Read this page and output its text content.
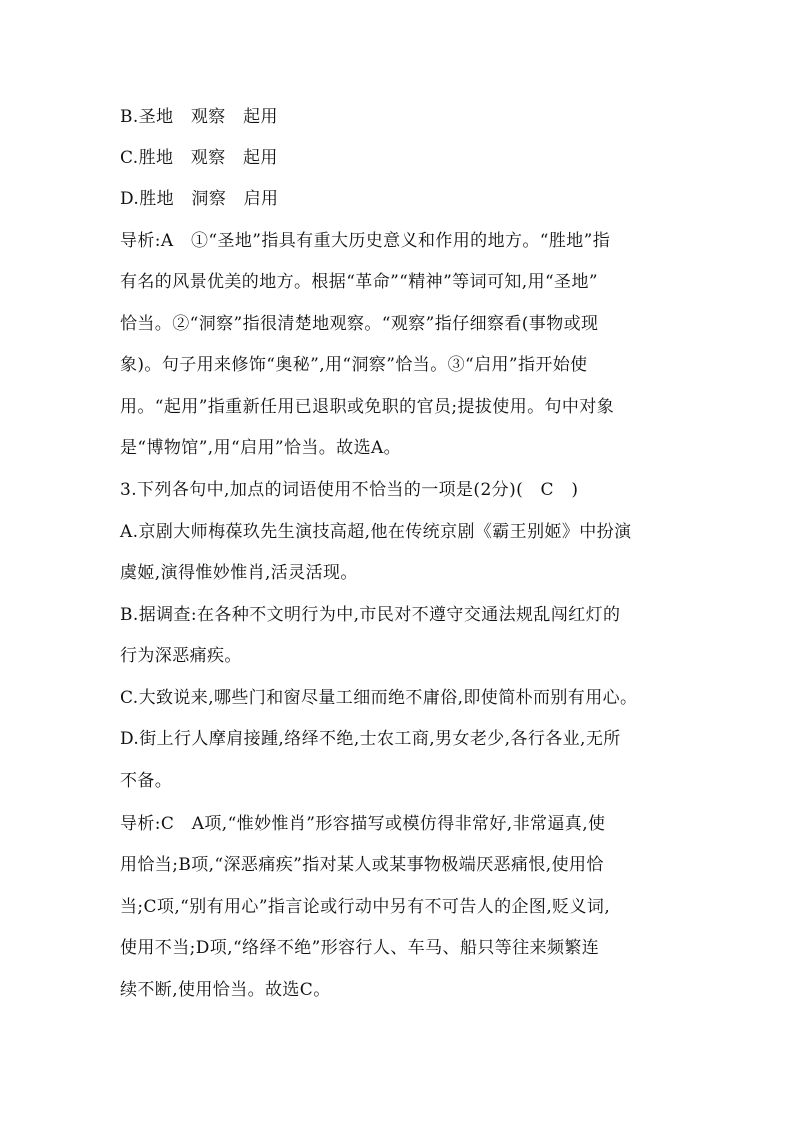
B.圣地　观察　起用
C.胜地　观察　起用
D.胜地　洞察　启用
导析:A　①“圣地”指具有重大历史意义和作用的地方。“胜地”指
有名的风景优美的地方。根据“革命”“精神”等词可知,用“圣地”
恰当。②“洞察”指很清楚地观察。“观察”指仔细察看(事物或现
象)。句子用来修饰“奥秘”,用“洞察”恰当。③“启用”指开始使
用。“起用”指重新任用已退职或免职的官员;提拔使用。句中对象
是“博物馆”,用“启用”恰当。故选A。
3.下列各句中,加点的词语使用不恰当的一项是(2分)(　C　)
A.京剧大师梅葆玖先生演技高超,他在传统京剧《霸王别姬》中扮演
虞姬,演得惟妙惟肖,活灵活现。
B.据调查:在各种不文明行为中,市民对不遵守交通法规乱闯红灯的
行为深恶痛疾。
C.大致说来,哪些门和窗尽量工细而绝不庸俗,即使简朴而别有用心。
D.街上行人摩肩接踵,络绎不绝,士农工商,男女老少,各行各业,无所
不备。
导析:C　A项,“惟妙惟肖”形容描写或模仿得非常好,非常逼真,使
用恰当;B项,“深恶痛疾”指对某人或某事物极端厌恶痛恨,使用恰
当;C项,“别有用心”指言论或行动中另有不可告人的企图,贬义词,
使用不当;D项,“络绎不绝”形容行人、车马、船只等往来频繁连
续不断,使用恰当。故选C。
